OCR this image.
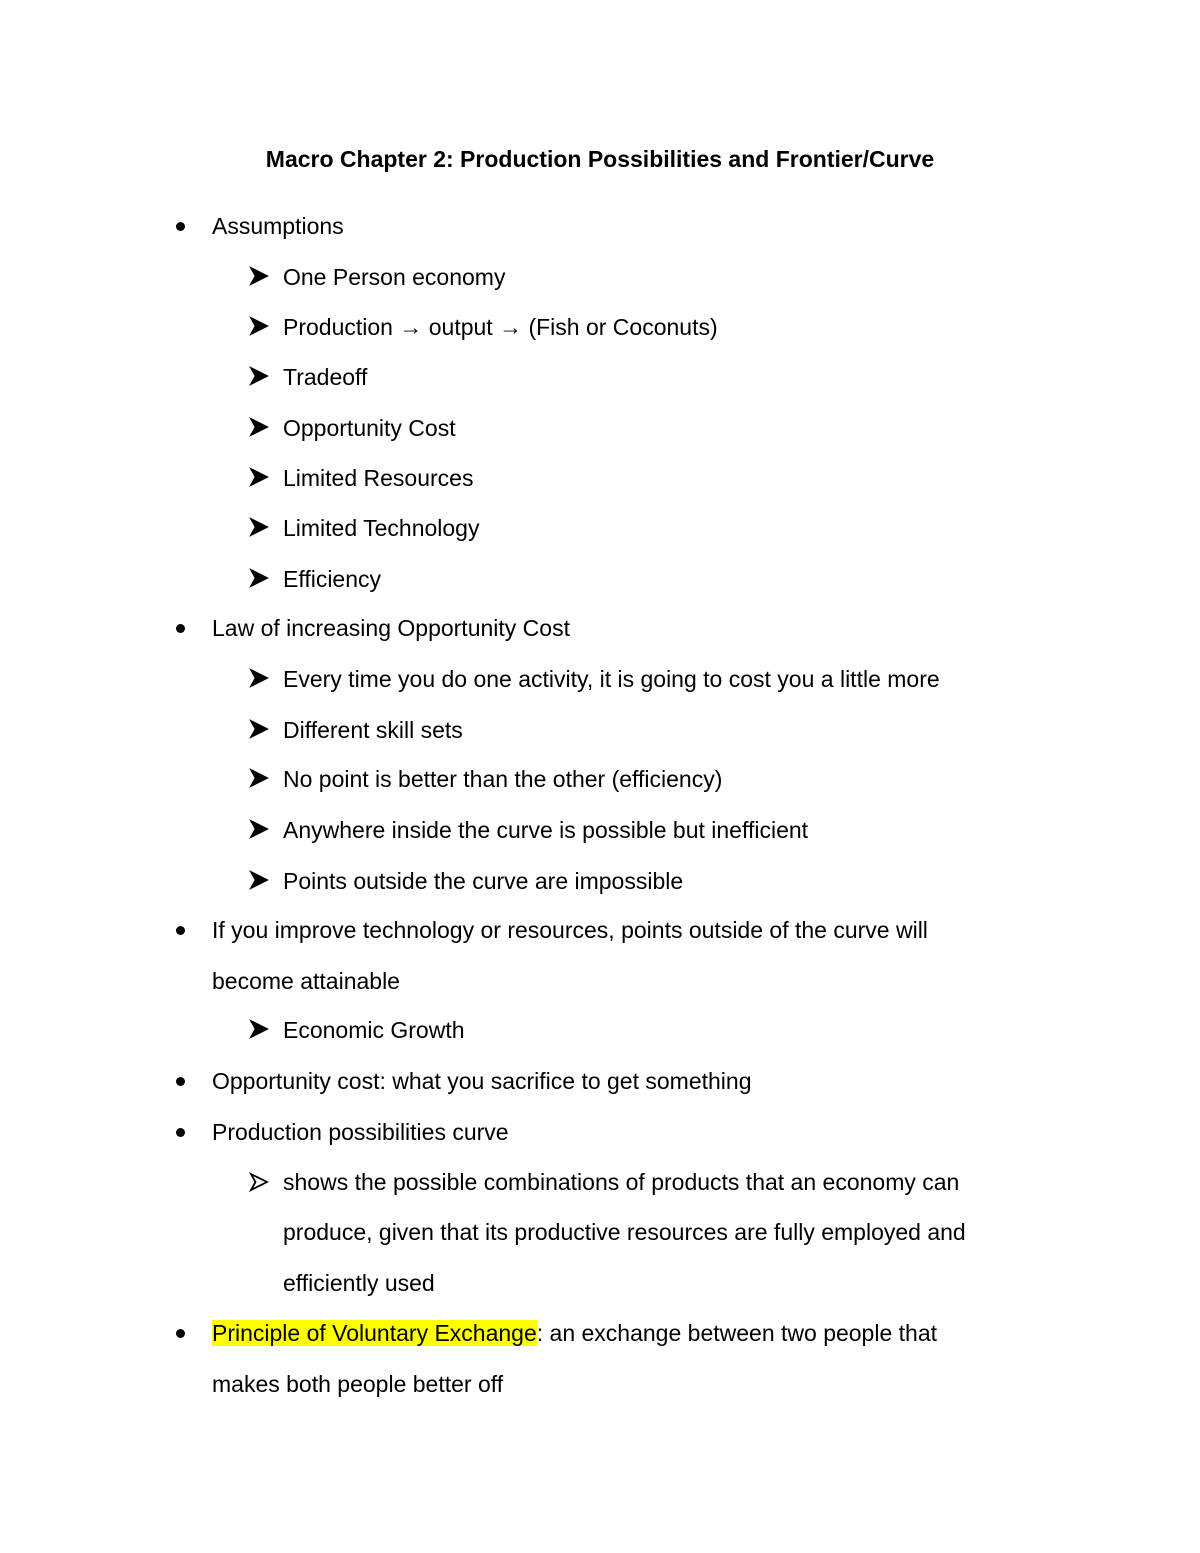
Macro Chapter 2: Production Possibilities and Frontier/Curve
Assumptions
One Person economy
Production → output → (Fish or Coconuts)
Tradeoff
Opportunity Cost
Limited Resources
Limited Technology
Efficiency
Law of increasing Opportunity Cost
Every time you do one activity, it is going to cost you a little more
Different skill sets
No point is better than the other (efficiency)
Anywhere inside the curve is possible but inefficient
Points outside the curve are impossible
If you improve technology or resources, points outside of the curve will
become attainable
Economic Growth
Opportunity cost: what you sacrifice to get something
Production possibilities curve
shows the possible combinations of products that an economy can
produce, given that its productive resources are fully employed and
efficiently used
Principle of Voluntary Exchange: an exchange between two people that
makes both people better off
